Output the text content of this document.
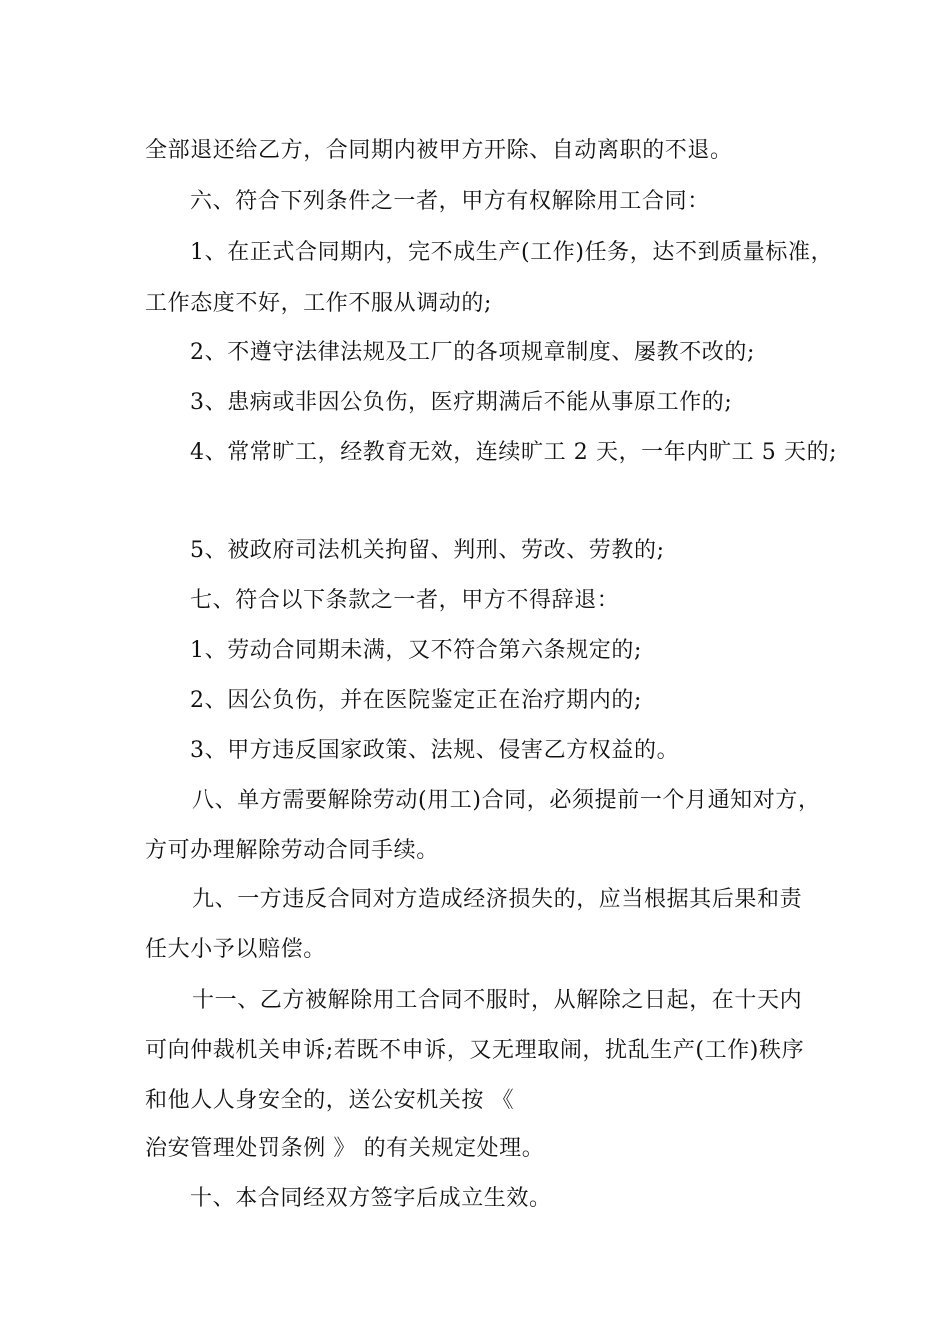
全部退还给乙方，合同期内被甲方开除、自动离职的不退。
六、符合下列条件之一者，甲方有权解除用工合同：
1、在正式合同期内，完不成生产(工作)任务，达不到质量标准，
工作态度不好，工作不服从调动的;
2、不遵守法律法规及工厂的各项规章制度、屡教不改的;
3、患病或非因公负伤，医疗期满后不能从事原工作的;
4、常常旷工，经教育无效，连续旷工 2 天，一年内旷工 5 天的;
5、被政府司法机关拘留、判刑、劳改、劳教的;
七、符合以下条款之一者，甲方不得辞退：
1、劳动合同期未满，又不符合第六条规定的;
2、因公负伤，并在医院鉴定正在治疗期内的;
3、甲方违反国家政策、法规、侵害乙方权益的。
八、单方需要解除劳动(用工)合同，必须提前一个月通知对方，
方可办理解除劳动合同手续。
九、一方违反合同对方造成经济损失的，应当根据其后果和责
任大小予以赔偿。
十一、乙方被解除用工合同不服时，从解除之日起，在十天内
可向仲裁机关申诉;若既不申诉，又无理取闹，扰乱生产(工作)秩序
和他人人身安全的，送公安机关按 《
治安管理处罚条例 》 的有关规定处理。
十、本合同经双方签字后成立生效。
